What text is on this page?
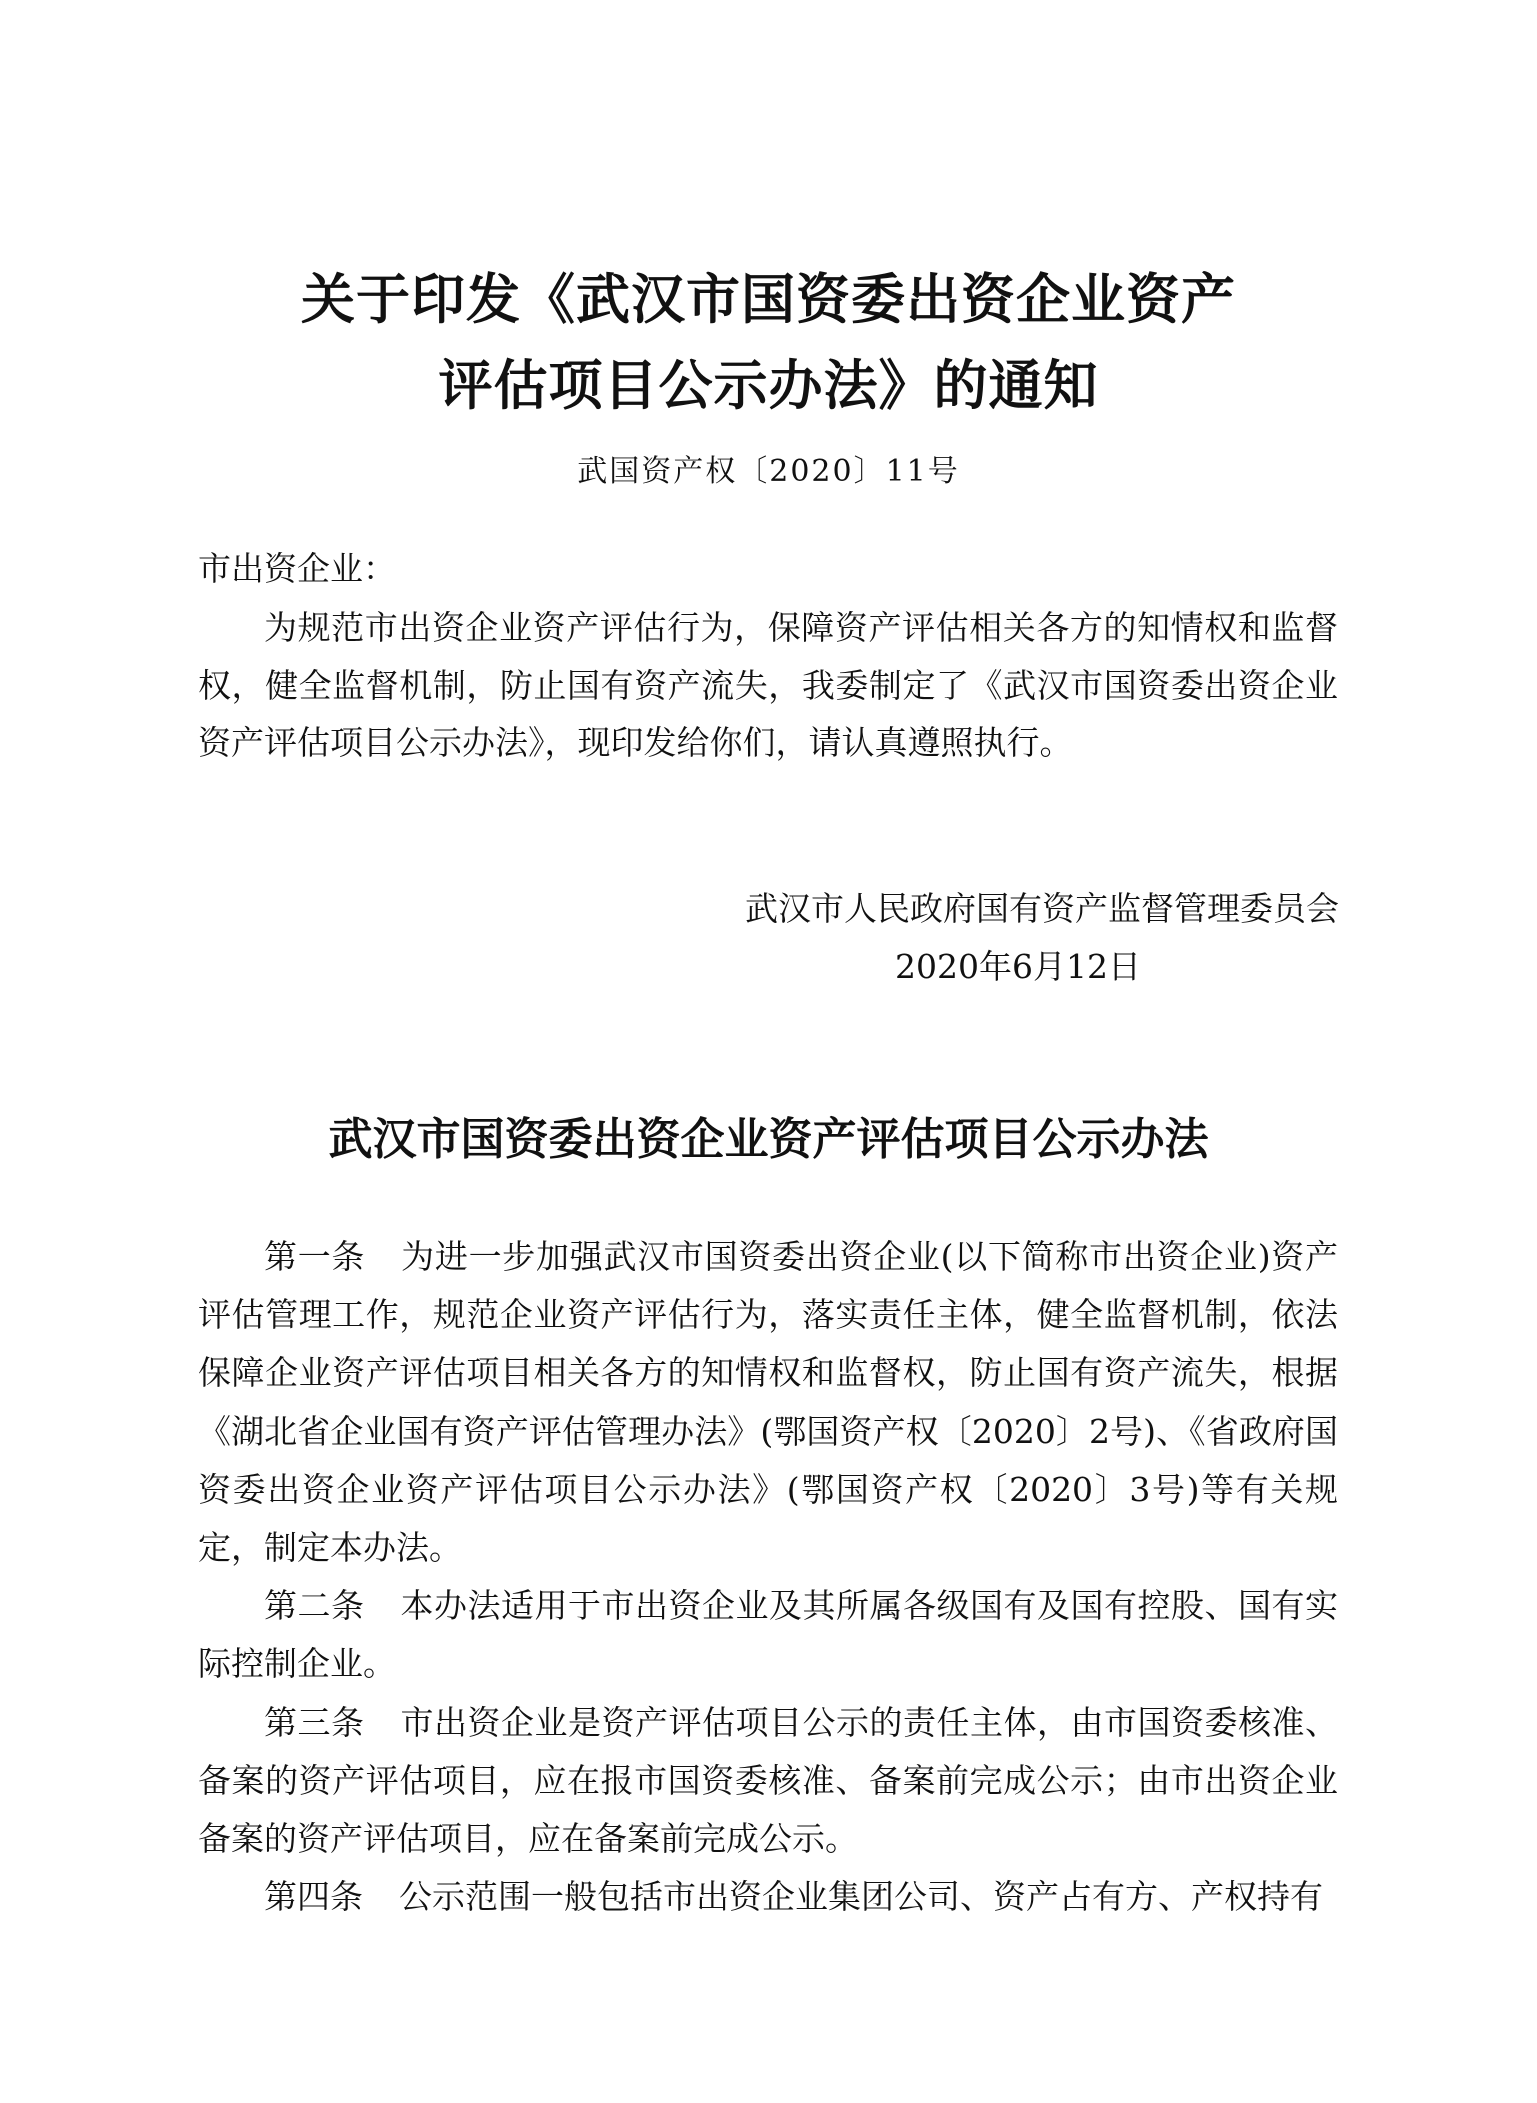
关于印发《武汉市国资委出资企业资产
评估项目公示办法》的通知
武国资产权〔2020〕11号
市出资企业：
为规范市出资企业资产评估行为，保障资产评估相关各方的知情权和监督权，健全监督机制，防止国有资产流失，我委制定了《武汉市国资委出资企业资产评估项目公示办法》，现印发给你们，请认真遵照执行。
武汉市人民政府国有资产监督管理委员会
2020年6月12日
武汉市国资委出资企业资产评估项目公示办法

第一条 为进一步加强武汉市国资委出资企业(以下简称市出资企业)资产评估管理工作，规范企业资产评估行为，落实责任主体，健全监督机制，依法保障企业资产评估项目相关各方的知情权和监督权，防止国有资产流失，根据《湖北省企业国有资产评估管理办法》(鄂国资产权〔2020〕2号)、《省政府国资委出资企业资产评估项目公示办法》(鄂国资产权〔2020〕3号)等有关规定，制定本办法。

第二条 本办法适用于市出资企业及其所属各级国有及国有控股、国有实际控制企业。

第三条 市出资企业是资产评估项目公示的责任主体，由市国资委核准、备案的资产评估项目，应在报市国资委核准、备案前完成公示；由市出资企业备案的资产评估项目，应在备案前完成公示。

第四条 公示范围一般包括市出资企业集团公司、资产占有方、产权持有
